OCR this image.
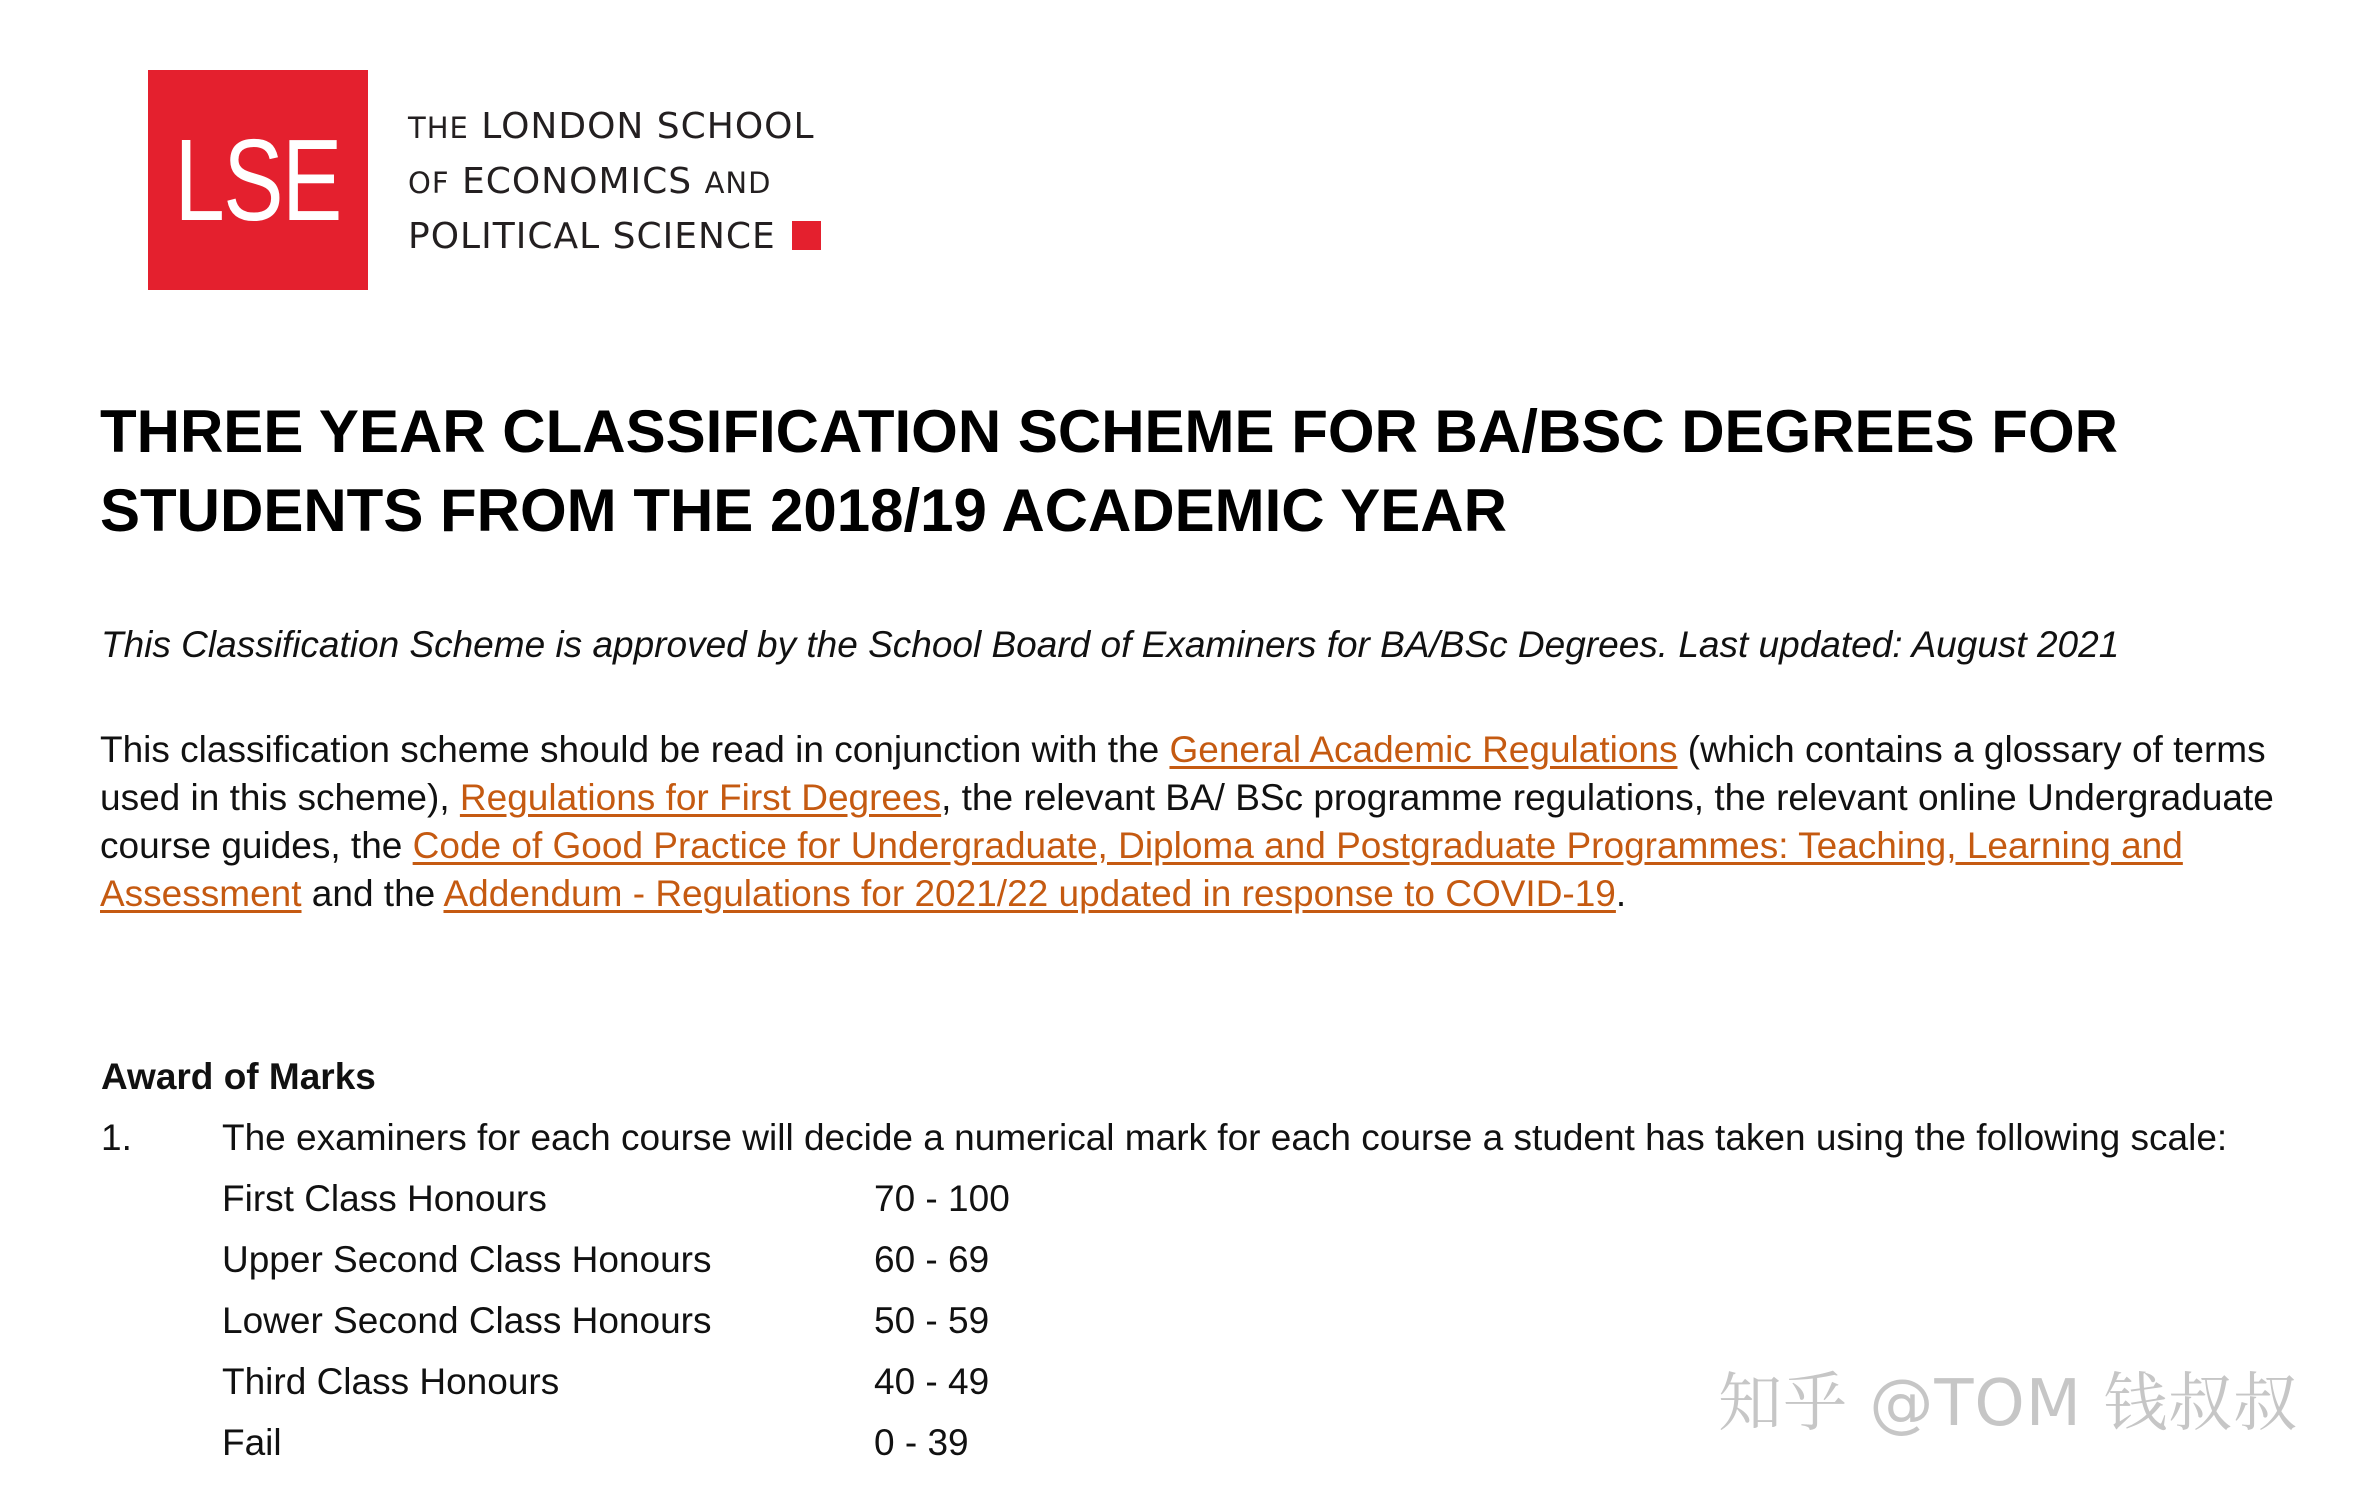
LSE THE LONDON SCHOOL
OF ECONOMICS AND
POLITICAL SCIENCE
THREE YEAR CLASSIFICATION SCHEME FOR BA/BSC DEGREES FOR STUDENTS FROM THE 2018/19 ACADEMIC YEAR

This Classification Scheme is approved by the School Board of Examiners for BA/BSc Degrees. Last updated: August 2021

This classification scheme should be read in conjunction with the General Academic Regulations (which contains a glossary of terms used in this scheme), Regulations for First Degrees, the relevant BA/ BSc programme regulations, the relevant online Undergraduate course guides, the Code of Good Practice for Undergraduate, Diploma and Postgraduate Programmes: Teaching, Learning and Assessment and the Addendum - Regulations for 2021/22 updated in response to COVID-19.

Award of Marks
1. The examiners for each course will decide a numerical mark for each course a student has taken using the following scale:
First Class Honours	70 - 100
Upper Second Class Honours	60 - 69
Lower Second Class Honours	50 - 59
Third Class Honours	40 - 49
Fail	0 - 39
知乎 @TOM 钱叔叔
